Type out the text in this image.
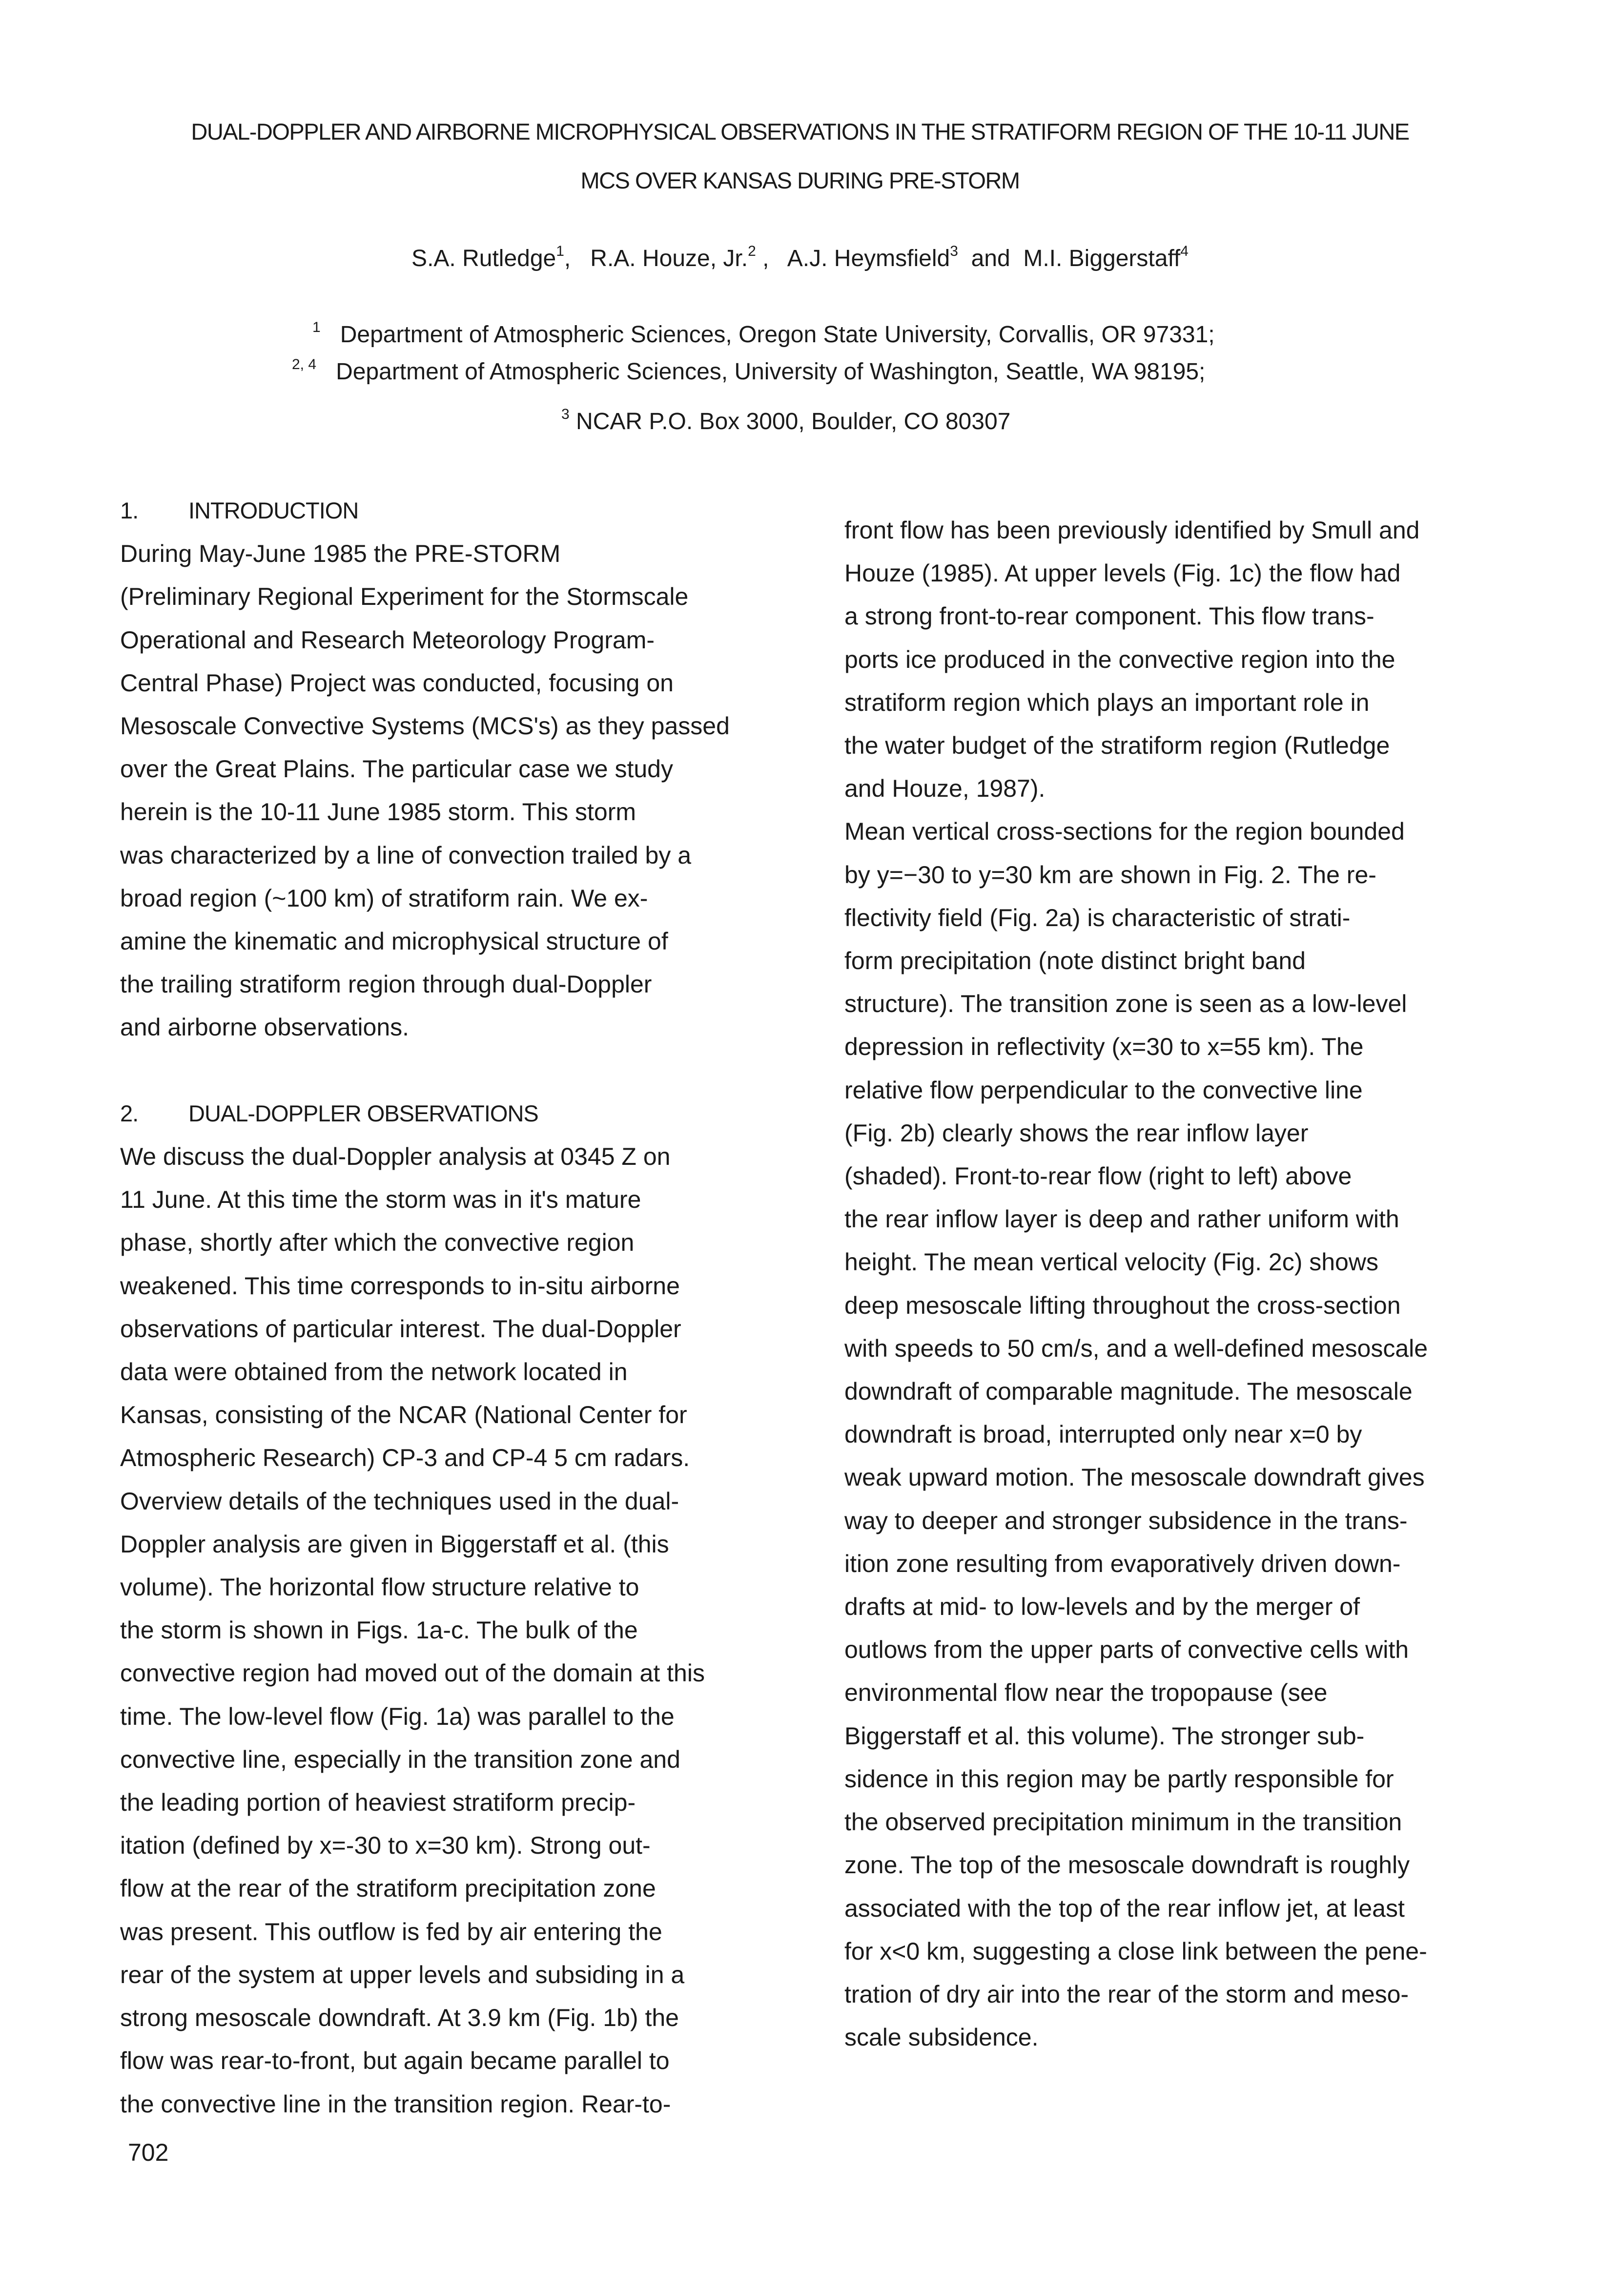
DUAL-DOPPLER AND AIRBORNE MICROPHYSICAL OBSERVATIONS IN THE STRATIFORM REGION OF THE 10-11 JUNE
MCS OVER KANSAS DURING PRE-STORM
S.A. Rutledge$^1$,   R.A. Houze, Jr.$^2$ ,   A.J. Heymsfield$^3$  and  M.I. Biggerstaff$^4$
$^1$ Department of Atmospheric Sciences, Oregon State University, Corvallis, OR 97331;
$^{2, 4}$ Department of Atmospheric Sciences, University of Washington, Seattle, WA 98195;
$^3$ NCAR P.O. Box 3000, Boulder, CO 80307
1. INTRODUCTION

During May-June 1985 the PRE-STORM

(Preliminary Regional Experiment for the Stormscale

Operational and Research Meteorology Program-

Central Phase) Project was conducted, focusing on

Mesoscale Convective Systems (MCS's) as they passed

over the Great Plains. The particular case we study

herein is the 10-11 June 1985 storm. This storm

was characterized by a line of convection trailed by a

broad region (~100 km) of stratiform rain. We ex-

amine the kinematic and microphysical structure of

the trailing stratiform region through dual-Doppler

and airborne observations.

2. DUAL-DOPPLER OBSERVATIONS

We discuss the dual-Doppler analysis at 0345 Z on

11 June. At this time the storm was in it's mature

phase, shortly after which the convective region

weakened. This time corresponds to in-situ airborne

observations of particular interest. The dual-Doppler

data were obtained from the network located in

Kansas, consisting of the NCAR (National Center for

Atmospheric Research) CP-3 and CP-4 5 cm radars.

Overview details of the techniques used in the dual-

Doppler analysis are given in Biggerstaff et al. (this

volume). The horizontal flow structure relative to

the storm is shown in Figs. 1a-c. The bulk of the

convective region had moved out of the domain at this

time. The low-level flow (Fig. 1a) was parallel to the

convective line, especially in the transition zone and

the leading portion of heaviest stratiform precip-

itation (defined by x=-30 to x=30 km). Strong out-

flow at the rear of the stratiform precipitation zone

was present. This outflow is fed by air entering the

rear of the system at upper levels and subsiding in a

strong mesoscale downdraft. At 3.9 km (Fig. 1b) the

flow was rear-to-front, but again became parallel to

the convective line in the transition region. Rear-to-

front flow has been previously identified by Smull and

Houze (1985). At upper levels (Fig. 1c) the flow had

a strong front-to-rear component. This flow trans-

ports ice produced in the convective region into the

stratiform region which plays an important role in

the water budget of the stratiform region (Rutledge

and Houze, 1987).

Mean vertical cross-sections for the region bounded

by y=−30 to y=30 km are shown in Fig. 2. The re-

flectivity field (Fig. 2a) is characteristic of strati-

form precipitation (note distinct bright band

structure). The transition zone is seen as a low-level

depression in reflectivity (x=30 to x=55 km). The

relative flow perpendicular to the convective line

(Fig. 2b) clearly shows the rear inflow layer

(shaded). Front-to-rear flow (right to left) above

the rear inflow layer is deep and rather uniform with

height. The mean vertical velocity (Fig. 2c) shows

deep mesoscale lifting throughout the cross-section

with speeds to 50 cm/s, and a well-defined mesoscale

downdraft of comparable magnitude. The mesoscale

downdraft is broad, interrupted only near x=0 by

weak upward motion. The mesoscale downdraft gives

way to deeper and stronger subsidence in the trans-

ition zone resulting from evaporatively driven down-

drafts at mid- to low-levels and by the merger of

outlows from the upper parts of convective cells with

environmental flow near the tropopause (see

Biggerstaff et al. this volume). The stronger sub-

sidence in this region may be partly responsible for

the observed precipitation minimum in the transition

zone. The top of the mesoscale downdraft is roughly

associated with the top of the rear inflow jet, at least

for x<0 km, suggesting a close link between the pene-

tration of dry air into the rear of the storm and meso-

scale subsidence.

702
